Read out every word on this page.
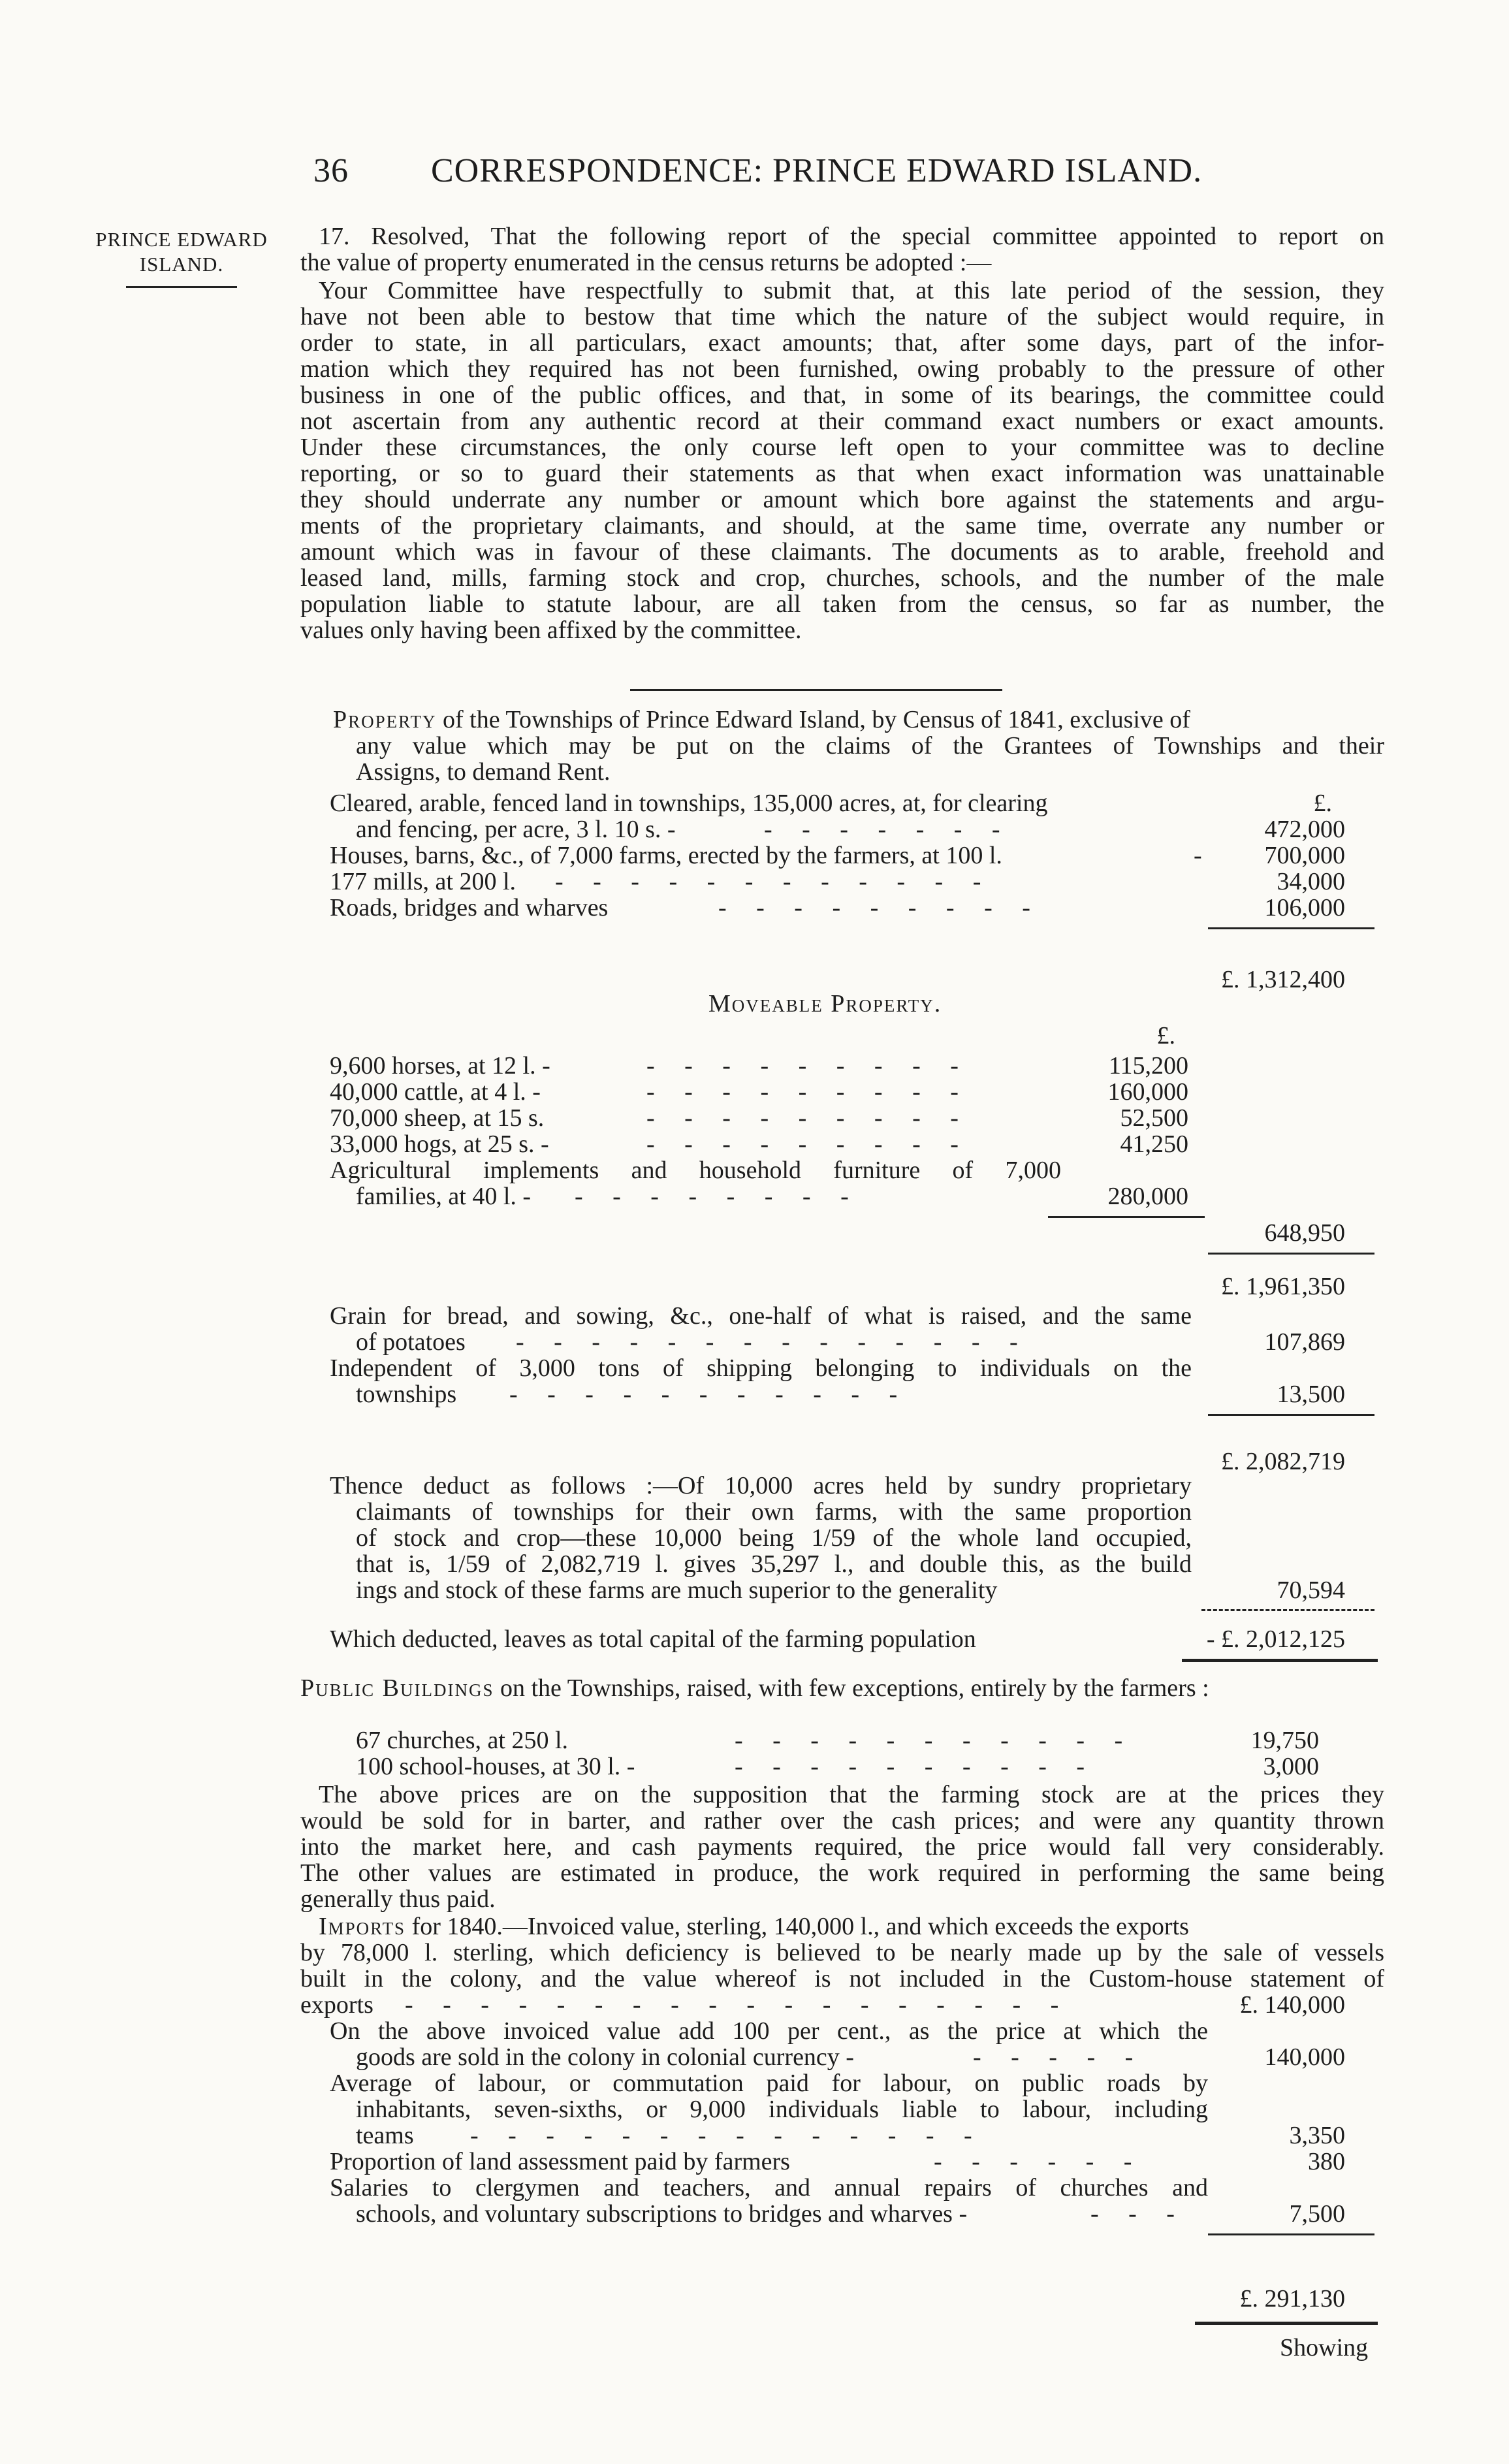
36 CORRESPONDENCE: PRINCE EDWARD ISLAND.
PRINCE EDWARD
ISLAND.
17. Resolved, That the following report of the special committee appointed to report on
the value of property enumerated in the census returns be adopted :—
Your Committee have respectfully to submit that, at this late period of the session, they
have not been able to bestow that time which the nature of the subject would require, in
order to state, in all particulars, exact amounts; that, after some days, part of the infor-
mation which they required has not been furnished, owing probably to the pressure of other
business in one of the public offices, and that, in some of its bearings, the committee could
not ascertain from any authentic record at their command exact numbers or exact amounts.
Under these circumstances, the only course left open to your committee was to decline
reporting, or so to guard their statements as that when exact information was unattainable
they should underrate any number or amount which bore against the statements and argu-
ments of the proprietary claimants, and should, at the same time, overrate any number or
amount which was in favour of these claimants. The documents as to arable, freehold and
leased land, mills, farming stock and crop, churches, schools, and the number of the male
population liable to statute labour, are all taken from the census, so far as number, the
values only having been affixed by the committee.
Property of the Townships of Prince Edward Island, by Census of 1841, exclusive of
any value which may be put on the claims of the Grantees of Townships and their
Assigns, to demand Rent.
£.
Cleared, arable, fenced land in townships, 135,000 acres, at, for clearing
and fencing, per acre, 3 l. 10 s. -	- - - - - - -	472,000
Houses, barns, &c., of 7,000 farms, erected by the farmers, at 100 l.	-	700,000
177 mills, at 200 l. - - - - - - - - - - - -	34,000
Roads, bridges and wharves	- - - - - - - - -	106,000
£. 1,312,400
Moveable Property.
£.
9,600 horses, at 12 l. -	- - - - - - - - -	115,200
40,000 cattle, at 4 l. -	- - - - - - - - -	160,000
70,000 sheep, at 15 s.	- - - - - - - - -	52,500
33,000 hogs, at 25 s. -	- - - - - - - - -	41,250
Agricultural implements and household furniture of 7,000
families, at 40 l. - - - - - - - - -	280,000
648,950
£. 1,961,350
Grain for bread, and sowing, &c., one-half of what is raised, and the same
of potatoes - - - - - - - - - - - - - -	107,869
Independent of 3,000 tons of shipping belonging to individuals on the
townships - - - - - - - - - - -	13,500
£. 2,082,719
Thence deduct as follows :—Of 10,000 acres held by sundry proprietary
claimants of townships for their own farms, with the same proportion
of stock and crop—these 10,000 being 1/59 of the whole land occupied,
that is, 1/59 of 2,082,719 l. gives 35,297 l., and double this, as the build
ings and stock of these farms are much superior to the generality	70,594
Which deducted, leaves as total capital of the farming population	- £. 2,012,125
Public Buildings on the Townships, raised, with few exceptions, entirely by the farmers :
67 churches, at 250 l.	- - - - - - - - - - -	19,750
100 school-houses, at 30 l. -	- - - - - - - - - -	3,000
The above prices are on the supposition that the farming stock are at the prices they
would be sold for in barter, and rather over the cash prices; and were any quantity thrown
into the market here, and cash payments required, the price would fall very considerably.
The other values are estimated in produce, the work required in performing the same being
generally thus paid.
Imports for 1840.—Invoiced value, sterling, 140,000 l., and which exceeds the exports
by 78,000 l. sterling, which deficiency is believed to be nearly made up by the sale of vessels
built in the colony, and the value whereof is not included in the Custom-house statement of
exports - - - - - - - - - - - - - - - - - -	£. 140,000
On the above invoiced value add 100 per cent., as the price at which the
goods are sold in the colony in colonial currency -	- - - - -	140,000
Average of labour, or commutation paid for labour, on public roads by
inhabitants, seven-sixths, or 9,000 individuals liable to labour, including
teams - - - - - - - - - - - - - -	3,350
Proportion of land assessment paid by farmers	- - - - - -	380
Salaries to clergymen and teachers, and annual repairs of churches and
schools, and voluntary subscriptions to bridges and wharves -	- - -	7,500
£. 291,130
Showing
